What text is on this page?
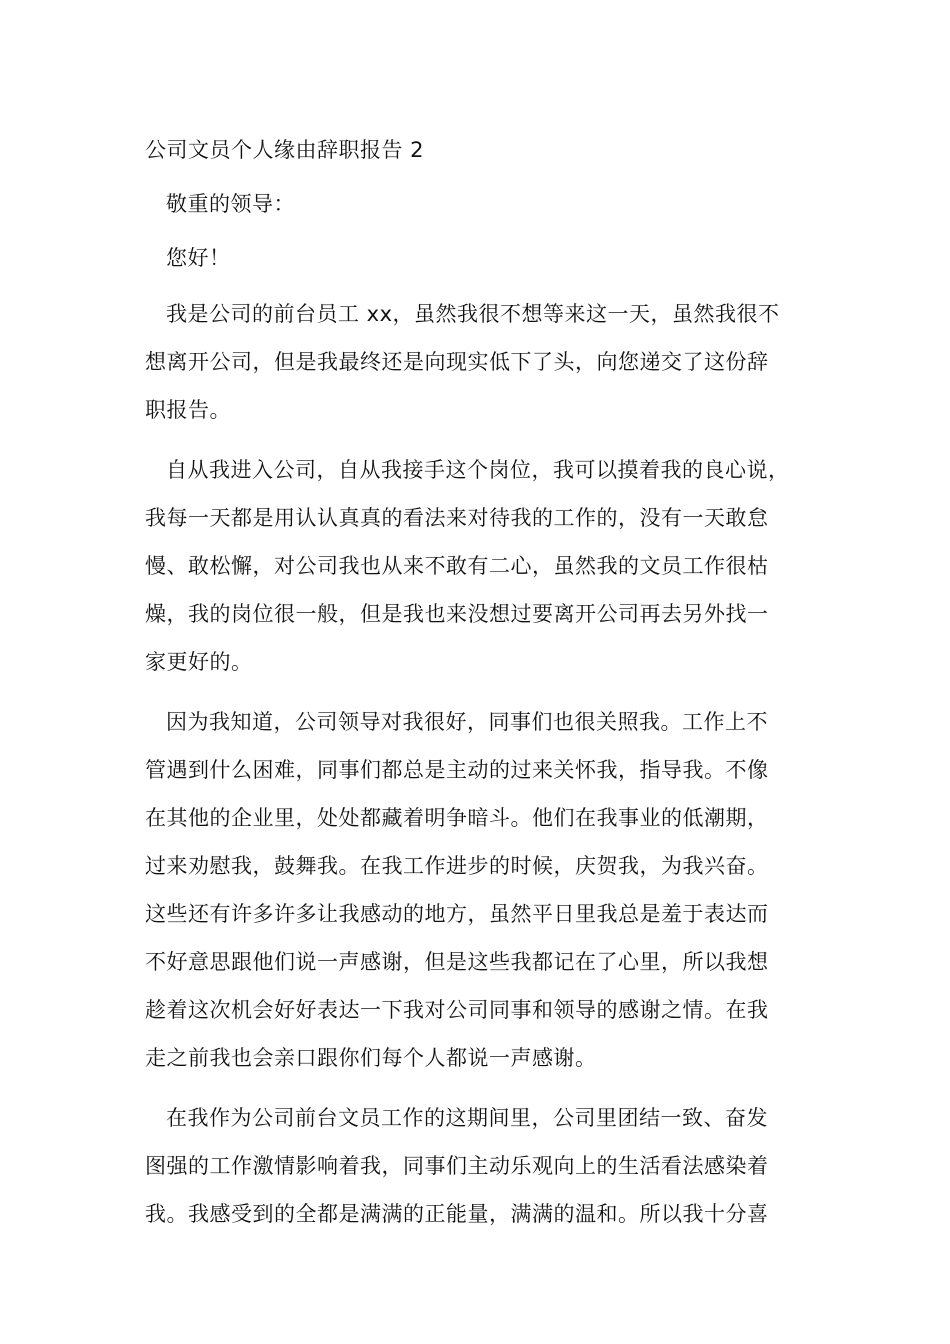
公司文员个人缘由辞职报告 2
敬重的领导：
您好！
我是公司的前台员工 xx，虽然我很不想等来这一天，虽然我很不
想离开公司，但是我最终还是向现实低下了头，向您递交了这份辞
职报告。
自从我进入公司，自从我接手这个岗位，我可以摸着我的良心说，
我每一天都是用认认真真的看法来对待我的工作的，没有一天敢怠
慢、敢松懈，对公司我也从来不敢有二心，虽然我的文员工作很枯
燥，我的岗位很一般，但是我也来没想过要离开公司再去另外找一
家更好的。
因为我知道，公司领导对我很好，同事们也很关照我。工作上不
管遇到什么困难，同事们都总是主动的过来关怀我，指导我。不像
在其他的企业里，处处都藏着明争暗斗。他们在我事业的低潮期，
过来劝慰我，鼓舞我。在我工作进步的时候，庆贺我，为我兴奋。
这些还有许多许多让我感动的地方，虽然平日里我总是羞于表达而
不好意思跟他们说一声感谢，但是这些我都记在了心里，所以我想
趁着这次机会好好表达一下我对公司同事和领导的感谢之情。在我
走之前我也会亲口跟你们每个人都说一声感谢。
在我作为公司前台文员工作的这期间里，公司里团结一致、奋发
图强的工作激情影响着我，同事们主动乐观向上的生活看法感染着
我。我感受到的全都是满满的正能量，满满的温和。所以我十分喜
